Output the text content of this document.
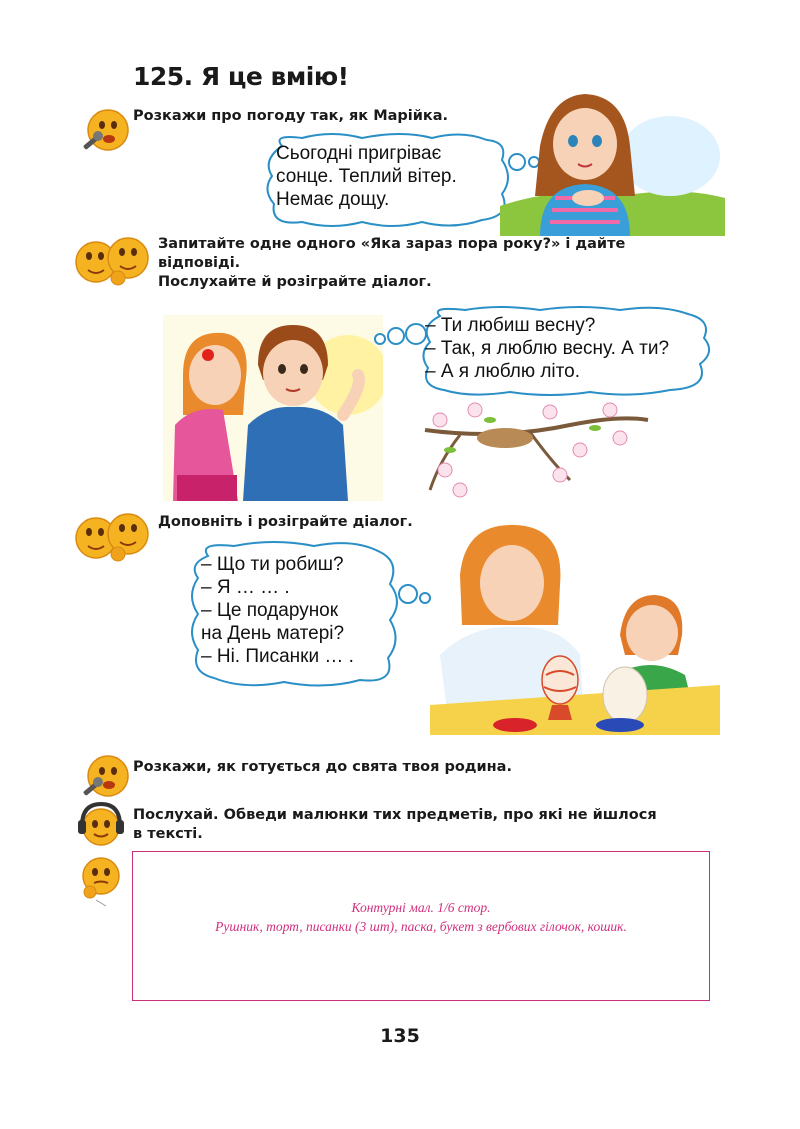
125. Я це вмію!
Розкажи про погоду так, як Марійка.
Сьогодні пригріває
сонце. Теплий вітер.
Немає дощу.
Запитайте одне одного «Яка зараз пора року?» і дайте
відповіді.
Послухайте й розіграйте діалог.
– Ти любиш весну?
– Так, я люблю весну. А ти?
– А я люблю літо.
Доповніть і розіграйте діалог.
– Що ти робиш?
– Я … … .
– Це подарунок
на День матері?
– Ні. Писанки … .
Розкажи, як готується до свята твоя родина.
Послухай. Обведи малюнки тих предметів, про які не йшлося
в тексті.
Контурні мал. 1/6 стор.
Рушник, торт, писанки (3 шт), паска, букет з вербових гілочок, кошик.
135
